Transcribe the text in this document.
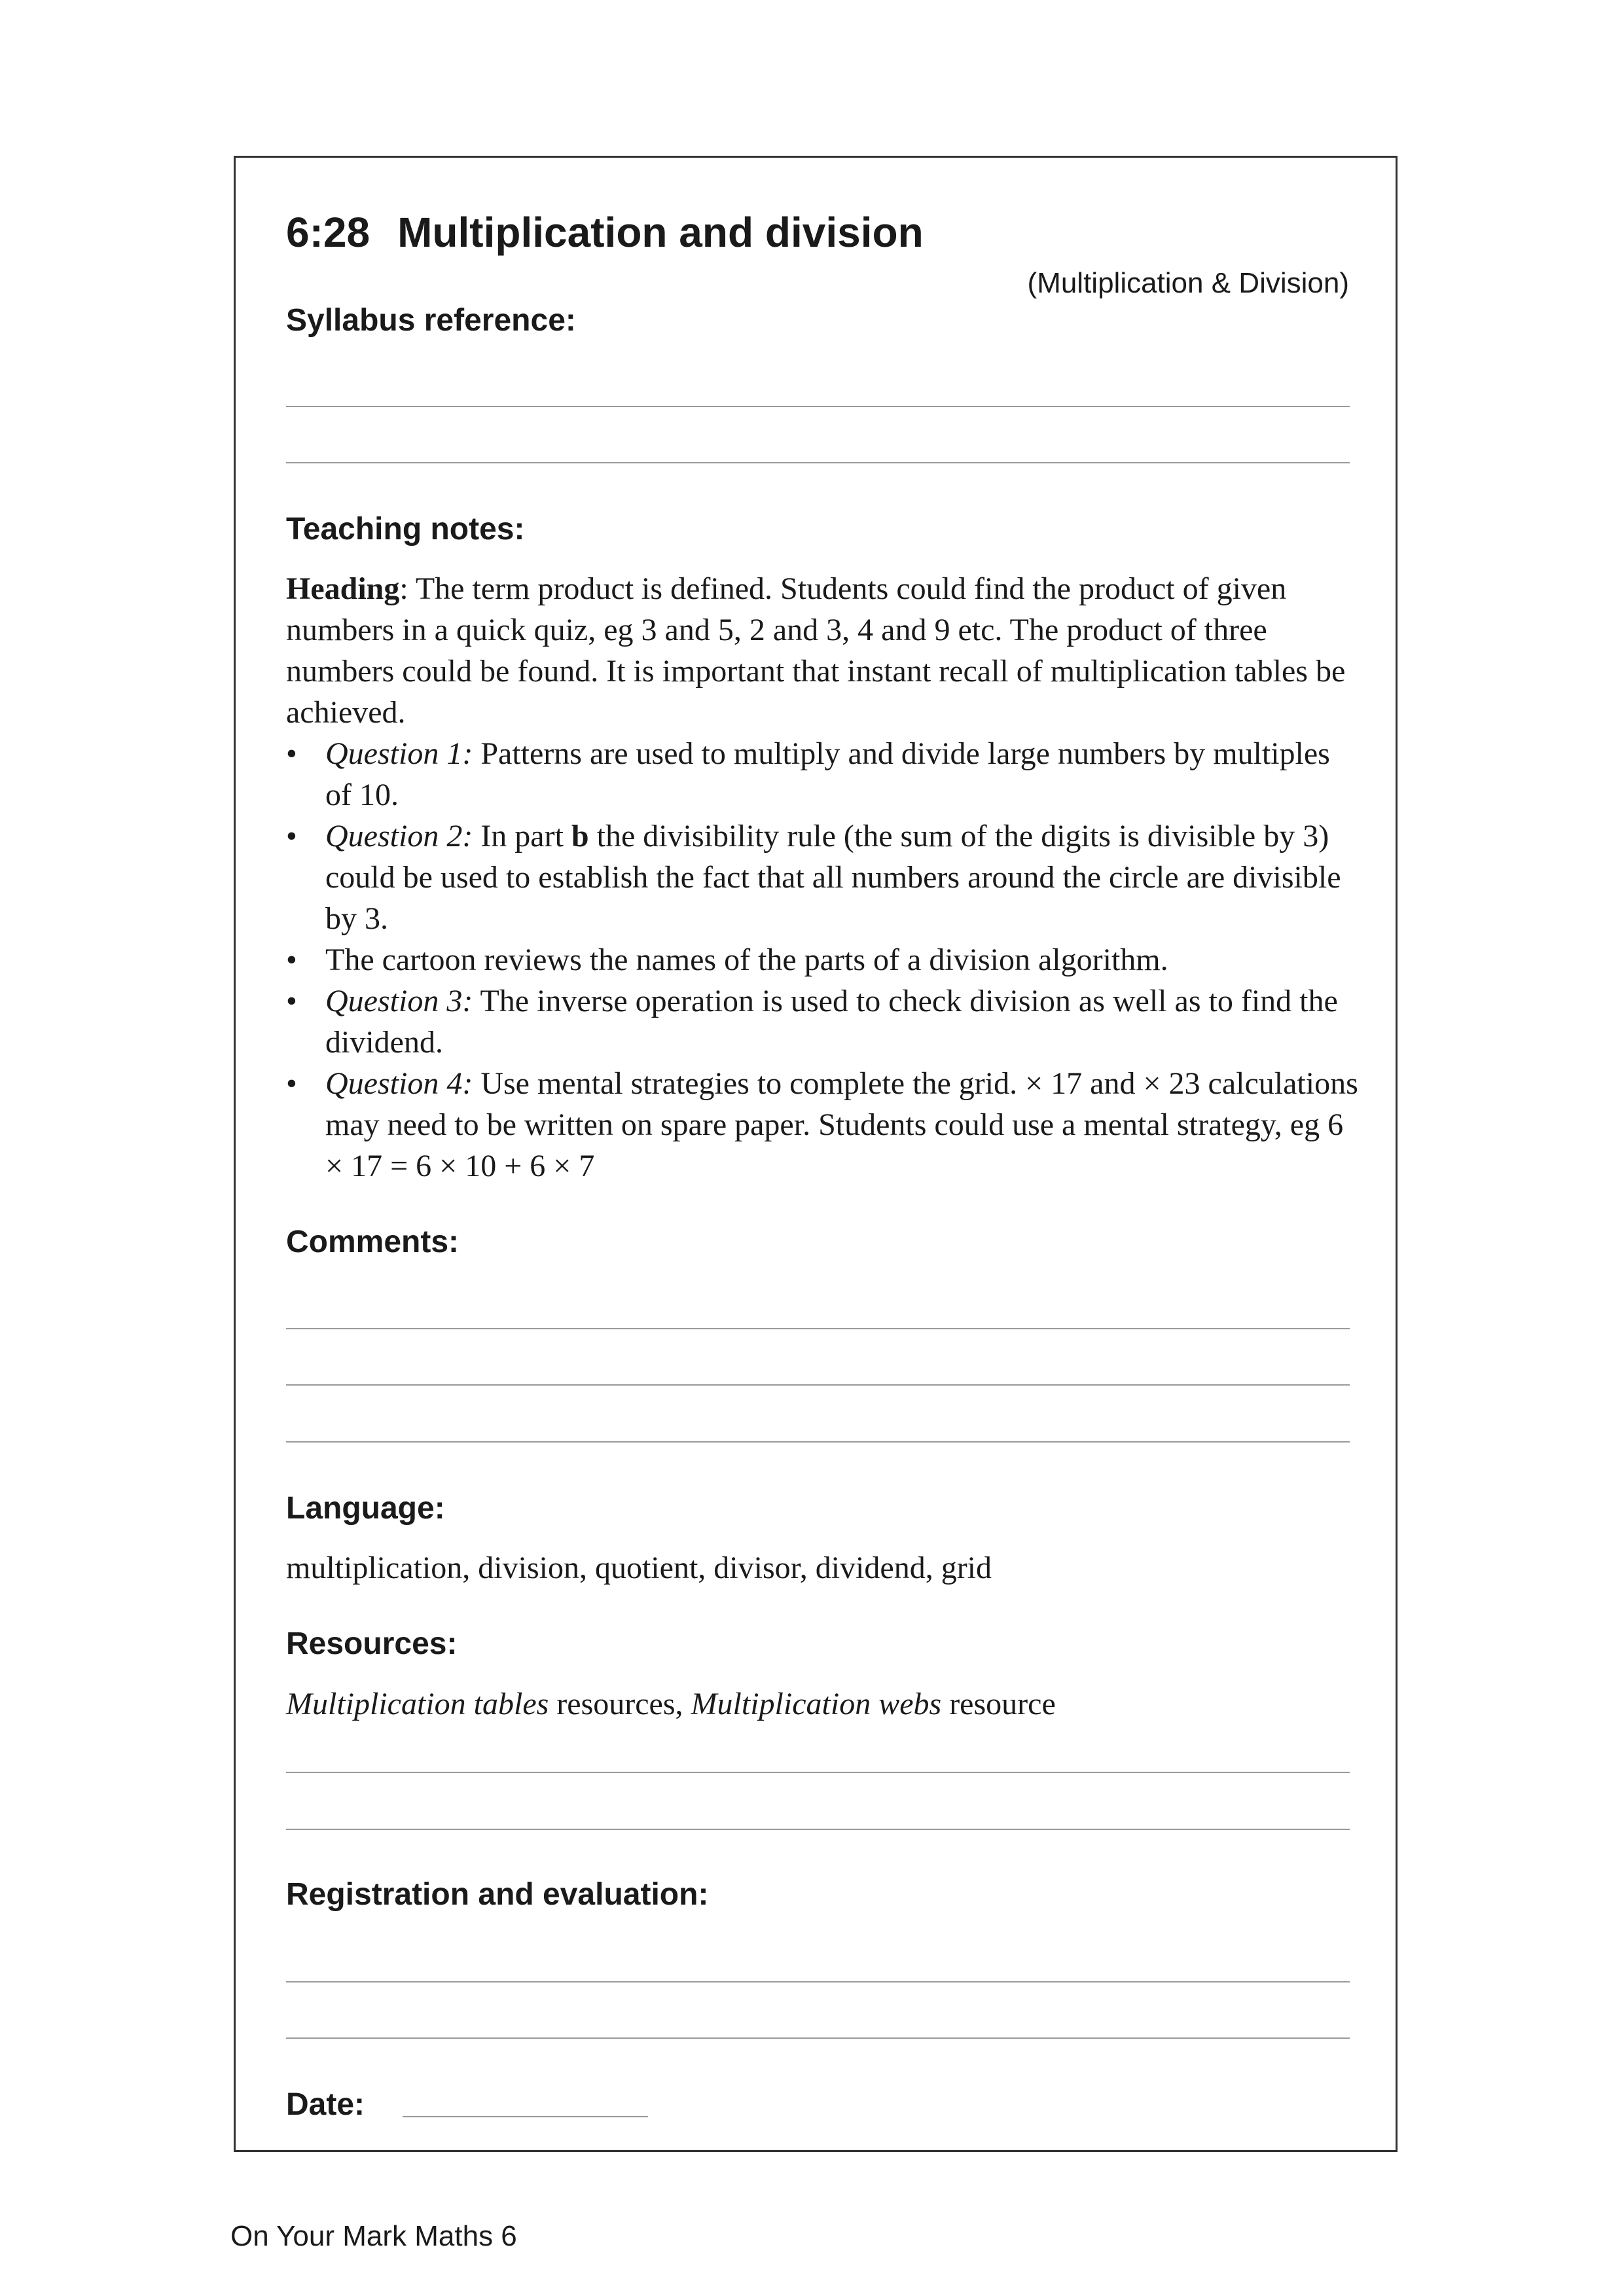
6:28 Multiplication and division
(Multiplication & Division)
Syllabus reference:
Teaching notes:

Heading: The term product is defined. Students could find the product of given numbers in a quick quiz, eg 3 and 5, 2 and 3, 4 and 9 etc. The product of three numbers could be found. It is important that instant recall of multiplication tables be achieved.

• Question 1: Patterns are used to multiply and divide large numbers by multiples of 10.
• Question 2: In part b the divisibility rule (the sum of the digits is divisible by 3) could be used to establish the fact that all numbers around the circle are divisible by 3.
• The cartoon reviews the names of the parts of a division algorithm.
• Question 3: The inverse operation is used to check division as well as to find the dividend.
• Question 4: Use mental strategies to complete the grid. × 17 and × 23 calculations may need to be written on spare paper. Students could use a mental strategy, eg 6 × 17 = 6 × 10 + 6 × 7
Comments:
Language:
multiplication, division, quotient, divisor, dividend, grid
Resources:
Multiplication tables resources, Multiplication webs resource
Registration and evaluation:
Date:
On Your Mark Maths 6
